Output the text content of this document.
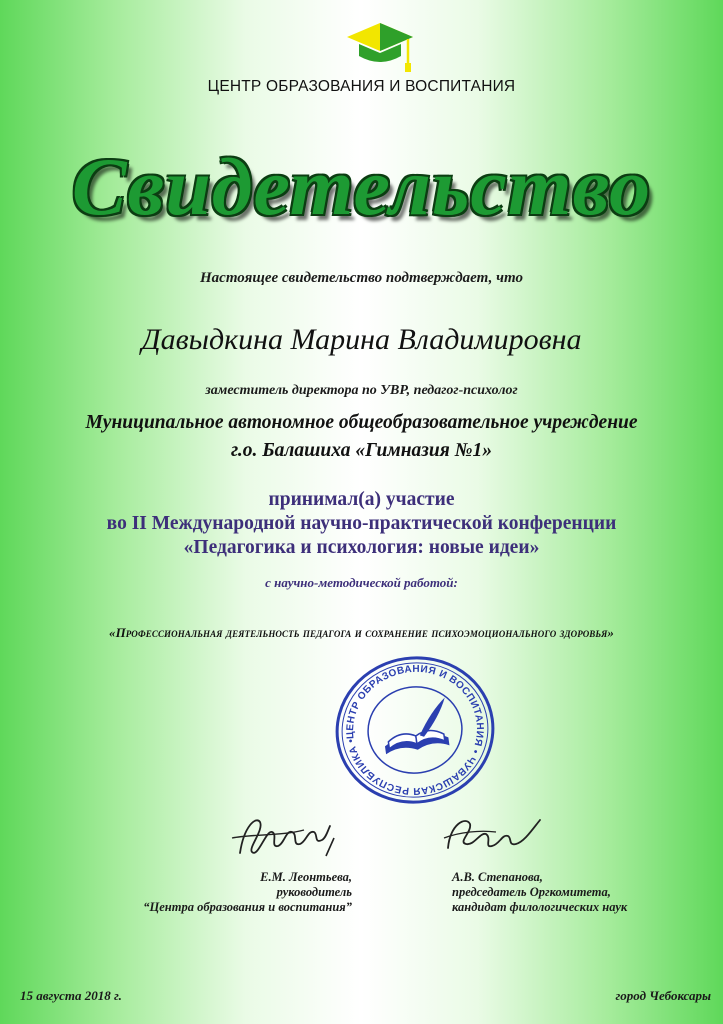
ЦЕНТР ОБРАЗОВАНИЯ И ВОСПИТАНИЯ
Свидетельство
Настоящее свидетельство подтверждает, что
Давыдкина Марина Владимировна
заместитель директора по УВР, педагог-психолог
Муниципальное автономное общеобразовательное учреждение
г.о. Балашиха «Гимназия №1»
принимал(а) участие
во II Международной научно-практической конференции
«Педагогика и психология: новые идеи»
с научно-методической работой:
«Профессиональная деятельность педагога и сохранение психоэмоционального здоровья»
ЦЕНТР ОБРАЗОВАНИЯ И ВОСПИТАНИЯ • ЧУВАШСКАЯ РЕСПУБЛИКА •
Е.М. Леонтьева,
руководитель
“Центра образования и воспитания”
А.В. Степанова,
председатель Оргкомитета,
кандидат филологических наук
15 августа 2018 г.	город Чебоксары
